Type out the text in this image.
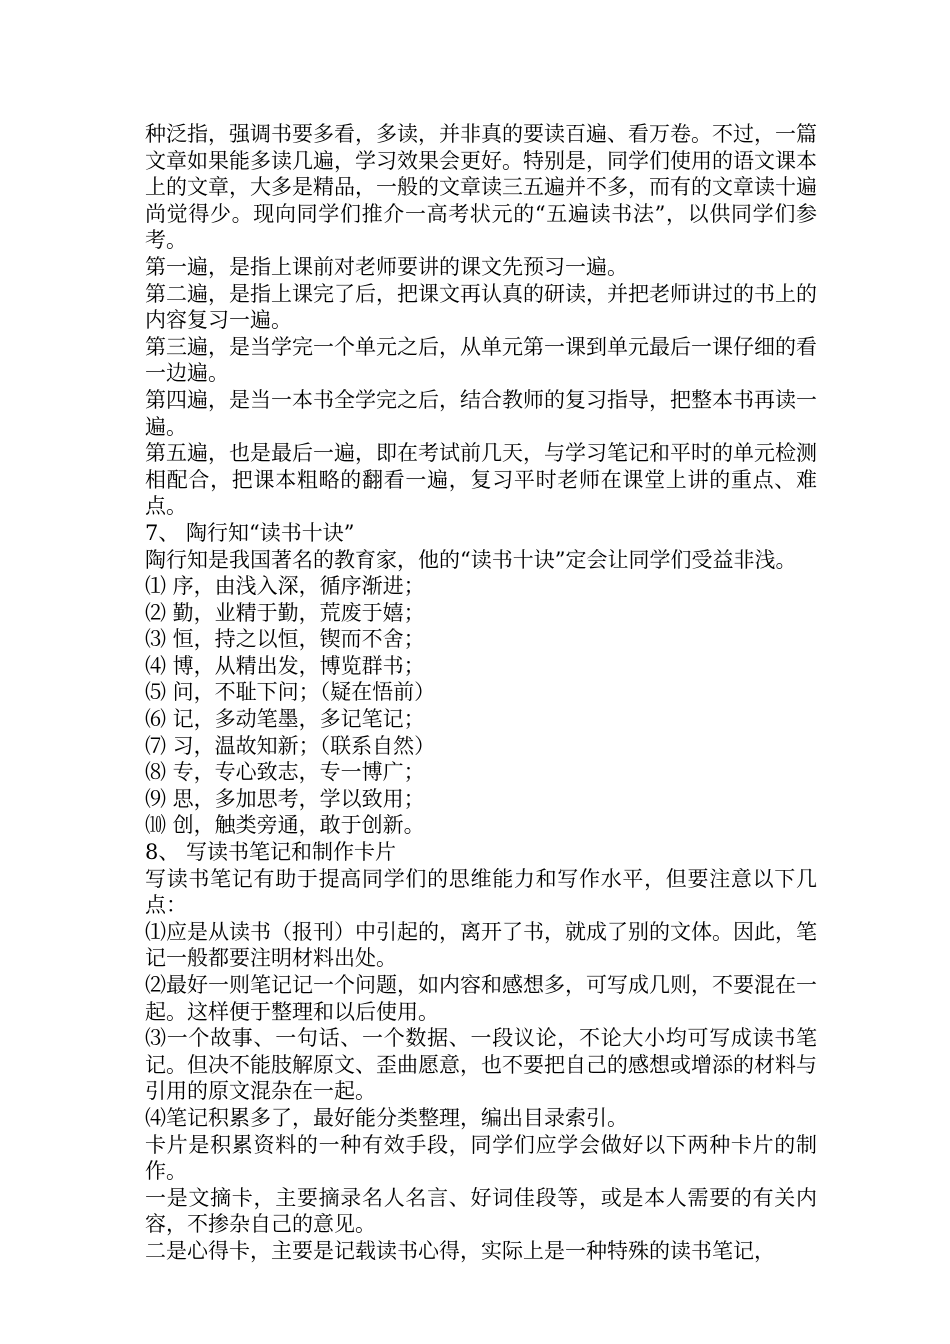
种泛指，强调书要多看，多读，并非真的要读百遍、看万卷。不过，一篇文章如果能多读几遍，学习效果会更好。特别是，同学们使用的语文课本上的文章，大多是精品，一般的文章读三五遍并不多，而有的文章读十遍尚觉得少。现向同学们推介一高考状元的“五遍读书法”，以供同学们参考。

第一遍，是指上课前对老师要讲的课文先预习一遍。

第二遍，是指上课完了后，把课文再认真的研读，并把老师讲过的书上的内容复习一遍。

第三遍，是当学完一个单元之后，从单元第一课到单元最后一课仔细的看一边遍。

第四遍，是当一本书全学完之后，结合教师的复习指导，把整本书再读一遍。

第五遍，也是最后一遍，即在考试前几天，与学习笔记和平时的单元检测相配合，把课本粗略的翻看一遍，复习平时老师在课堂上讲的重点、难点。

7、 陶行知“读书十诀”

陶行知是我国著名的教育家，他的“读书十诀”定会让同学们受益非浅。

⑴ 序，由浅入深，循序渐进；

⑵ 勤，业精于勤，荒废于嬉；

⑶ 恒，持之以恒，锲而不舍；

⑷ 博，从精出发，博览群书；

⑸ 问，不耻下问；（疑在悟前）

⑹ 记，多动笔墨，多记笔记；

⑺ 习，温故知新；（联系自然）

⑻ 专，专心致志，专一博广；

⑼ 思，多加思考，学以致用；

⑽ 创，触类旁通，敢于创新。

8、 写读书笔记和制作卡片

写读书笔记有助于提高同学们的思维能力和写作水平，但要注意以下几点：

⑴应是从读书（报刊）中引起的，离开了书，就成了别的文体。因此，笔记一般都要注明材料出处。

⑵最好一则笔记记一个问题，如内容和感想多，可写成几则，不要混在一起。这样便于整理和以后使用。

⑶一个故事、一句话、一个数据、一段议论，不论大小均可写成读书笔记。但决不能肢解原文、歪曲愿意，也不要把自己的感想或增添的材料与引用的原文混杂在一起。

⑷笔记积累多了，最好能分类整理，编出目录索引。

卡片是积累资料的一种有效手段，同学们应学会做好以下两种卡片的制作。

一是文摘卡，主要摘录名人名言、好词佳段等，或是本人需要的有关内容，不掺杂自己的意见。

二是心得卡，主要是记载读书心得，实际上是一种特殊的读书笔记，
